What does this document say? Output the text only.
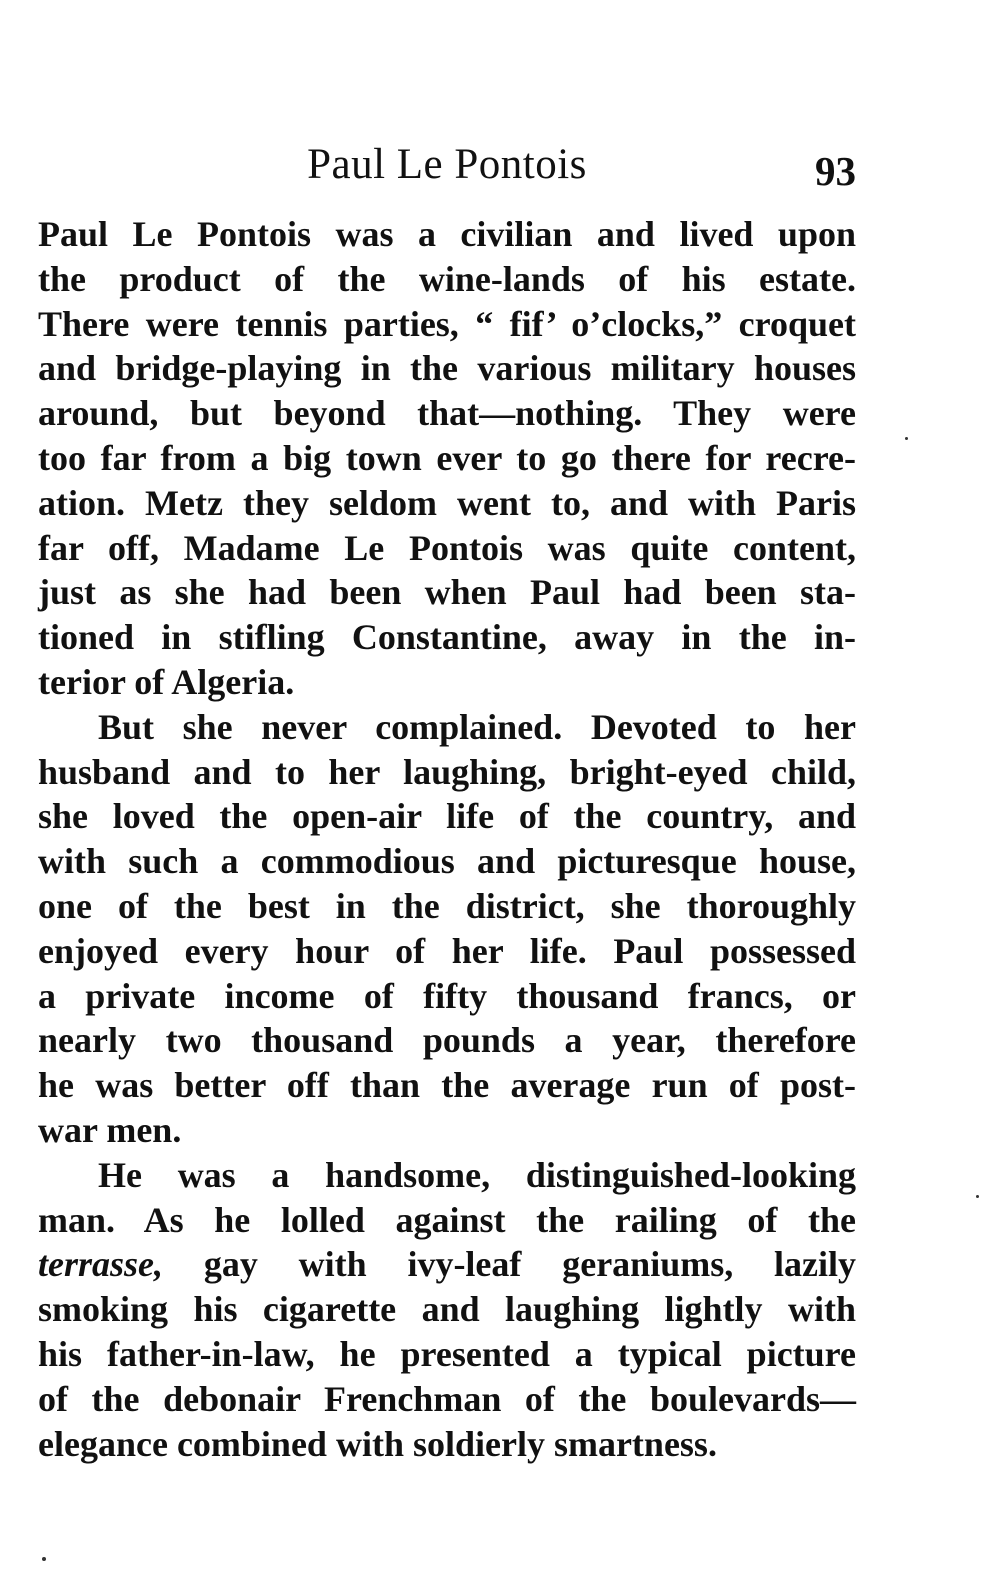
Paul Le Pontois	93
Paul Le Pontois was a civilian and lived upon
the product of the wine-lands of his estate.
There were tennis parties, “ fif’ o’clocks,” croquet
and bridge-playing in the various military houses
around, but beyond that—nothing. They were
too far from a big town ever to go there for recre-
ation. Metz they seldom went to, and with Paris
far off, Madame Le Pontois was quite content,
just as she had been when Paul had been sta-
tioned in stifling Constantine, away in the in-
terior of Algeria.
But she never complained. Devoted to her
husband and to her laughing, bright-eyed child,
she loved the open-air life of the country, and
with such a commodious and picturesque house,
one of the best in the district, she thoroughly
enjoyed every hour of her life. Paul possessed
a private income of fifty thousand francs, or
nearly two thousand pounds a year, therefore
he was better off than the average run of post-
war men.
He was a handsome, distinguished-looking
man. As he lolled against the railing of the
terrasse, gay with ivy-leaf geraniums, lazily
smoking his cigarette and laughing lightly with
his father-in-law, he presented a typical picture
of the debonair Frenchman of the boulevards—
elegance combined with soldierly smartness.
